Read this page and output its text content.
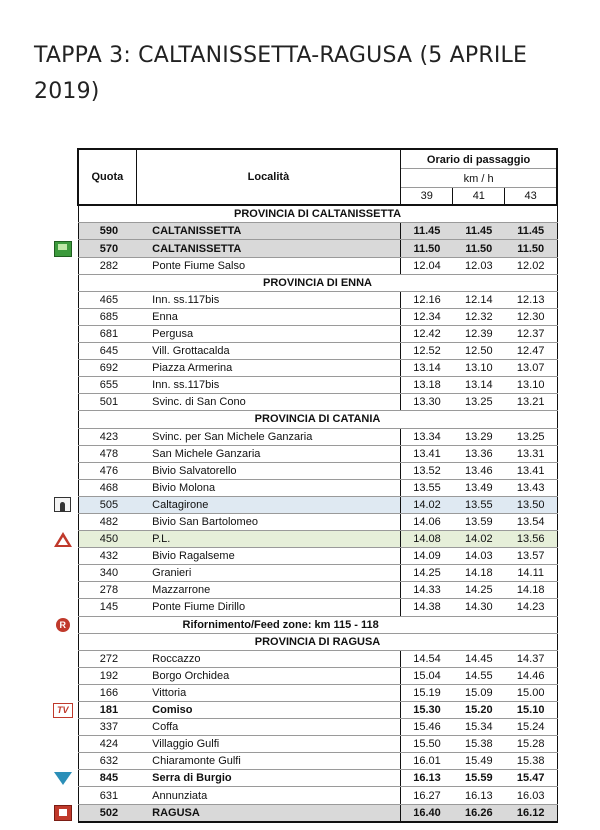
TAPPA 3: CALTANISSETTA-RAGUSA (5 APRILE 2019)
	Quota	Località	Orario di passaggio		
			km / h		
			39	41	43
	PROVINCIA DI CALTANISSETTA				
	590	CALTANISSETTA	11.45	11.45	11.45
	570	CALTANISSETTA	11.50	11.50	11.50
	282	Ponte Fiume Salso	12.04	12.03	12.02
	PROVINCIA DI ENNA				
	465	Inn. ss.117bis	12.16	12.14	12.13
	685	Enna	12.34	12.32	12.30
	681	Pergusa	12.42	12.39	12.37
	645	Vill. Grottacalda	12.52	12.50	12.47
	692	Piazza Armerina	13.14	13.10	13.07
	655	Inn. ss.117bis	13.18	13.14	13.10
	501	Svinc. di San Cono	13.30	13.25	13.21
	PROVINCIA DI CATANIA				
	423	Svinc. per San Michele Ganzaria	13.34	13.29	13.25
	478	San Michele Ganzaria	13.41	13.36	13.31
	476	Bivio Salvatorello	13.52	13.46	13.41
	468	Bivio Molona	13.55	13.49	13.43
	505	Caltagirone	14.02	13.55	13.50
	482	Bivio San Bartolomeo	14.06	13.59	13.54
	450	P.L.	14.08	14.02	13.56
	432	Bivio Ragalseme	14.09	14.03	13.57
	340	Granieri	14.25	14.18	14.11
	278	Mazzarrone	14.33	14.25	14.18
	145	Ponte Fiume Dirillo	14.38	14.30	14.23
R	Rifornimento/Feed zone: km 115 - 118				
	PROVINCIA DI RAGUSA				
	272	Roccazzo	14.54	14.45	14.37
	192	Borgo Orchidea	15.04	14.55	14.46
	166	Vittoria	15.19	15.09	15.00
TV	181	Comiso	15.30	15.20	15.10
	337	Coffa	15.46	15.34	15.24
	424	Villaggio Gulfi	15.50	15.38	15.28
	632	Chiaramonte Gulfi	16.01	15.49	15.38
	845	Serra di Burgio	16.13	15.59	15.47
	631	Annunziata	16.27	16.13	16.03
	502	RAGUSA	16.40	16.26	16.12
